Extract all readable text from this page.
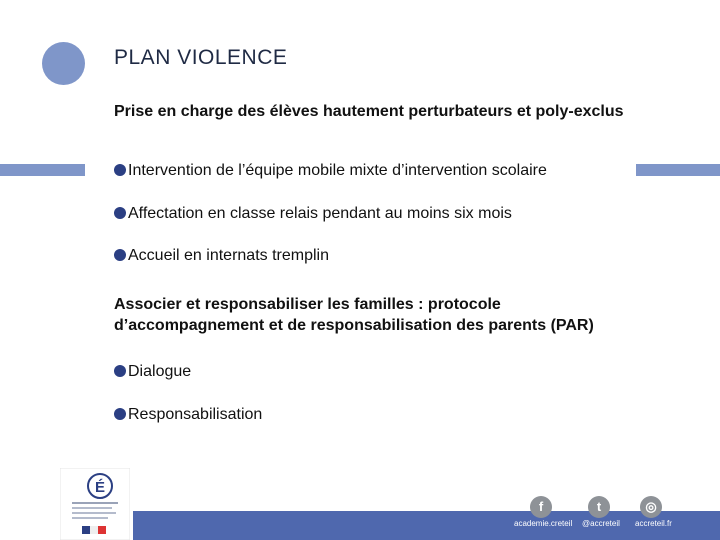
PLAN VIOLENCE
Prise en charge des élèves hautement perturbateurs et poly-exclus
Intervention de l’équipe mobile mixte d’intervention scolaire
Affectation en classe relais pendant au moins six mois
Accueil en internats tremplin
Associer et responsabiliser les familles : protocole d’accompagnement et de responsabilisation des parents (PAR)
Dialogue
Responsabilisation
É
f	t	◎
academie.creteil @accreteil accreteil.fr
